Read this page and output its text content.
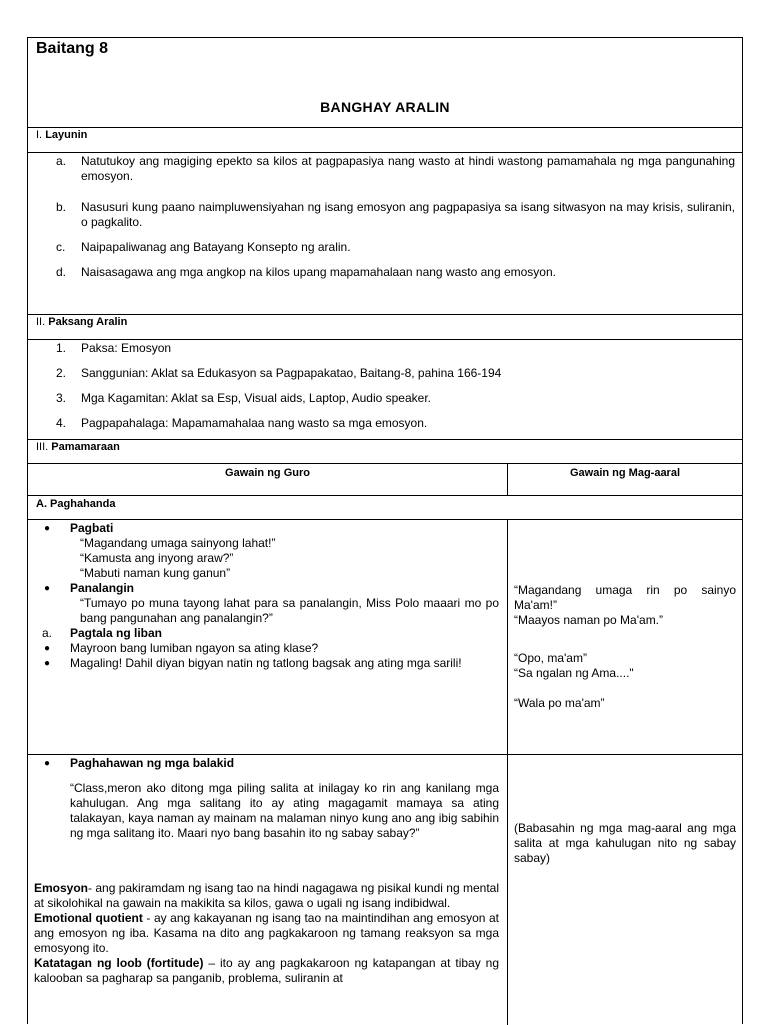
Baitang 8
BANGHAY ARALIN
I. Layunin
a. Natutukoy ang magiging epekto sa kilos at pagpapasiya nang wasto at hindi wastong pamamahala ng mga pangunahing emosyon.
b. Nasusuri kung paano naimpluwensiyahan ng isang emosyon ang pagpapasiya sa isang sitwasyon na may krisis, suliranin, o pagkalito.
c. Naipapaliwanag ang Batayang Konsepto ng aralin.
d. Naisasagawa ang mga angkop na kilos upang mapamahalaan nang wasto ang emosyon.
II. Paksang Aralin
1. Paksa: Emosyon
2. Sanggunian: Aklat sa Edukasyon sa Pagpapakatao, Baitang-8, pahina 166-194
3. Mga Kagamitan: Aklat sa Esp, Visual aids, Laptop, Audio speaker.
4. Pagpapahalaga: Mapamamahalaa nang wasto sa mga emosyon.
III. Pamamaraan
Gawain ng Guro	Gawain ng Mag-aaral
A. Paghahanda
● Pagbati
“Magandang umaga sainyong lahat!”
“Kamusta ang inyong araw?”
“Mabuti naman kung ganun”
● Panalangin
“Tumayo po muna tayong lahat para sa panalangin, Miss Polo maaari mo po bang pangunahan ang panalangin?”
a. Pagtala ng liban
● Mayroon bang lumiban ngayon sa ating klase?
● Magaling! Dahil diyan bigyan natin ng tatlong bagsak ang ating mga sarili!
“Magandang umaga rin po sainyo Ma'am!”
“Maayos naman po Ma'am.”
“Opo, ma'am”
“Sa ngalan ng Ama...."
“Wala po ma'am”
● Paghahawan ng mga balakid
“Class,meron ako ditong mga piling salita at inilagay ko rin ang kanilang mga kahulugan. Ang mga salitang ito ay ating magagamit mamaya sa ating talakayan, kaya naman ay mainam na malaman ninyo kung ano ang ibig sabihin ng mga salitang ito. Maari nyo bang basahin ito ng sabay sabay?”

Emosyon- ang pakiramdam ng isang tao na hindi nagagawa ng pisikal kundi ng mental at sikolohikal na gawain na makikita sa kilos, gawa o ugali ng isang indibidwal.

Emotional quotient - ay ang kakayanan ng isang tao na maintindihan ang emosyon at ang emosyon ng iba. Kasama na dito ang pagkakaroon ng tamang reaksyon sa mga emosyong ito.

Katatagan ng loob (fortitude) – ito ay ang pagkakaroon ng katapangan at tibay ng kalooban sa pagharap sa panganib, problema, suliranin at

(Babasahin ng mga mag-aaral ang mga salita at mga kahulugan nito ng sabay sabay)
